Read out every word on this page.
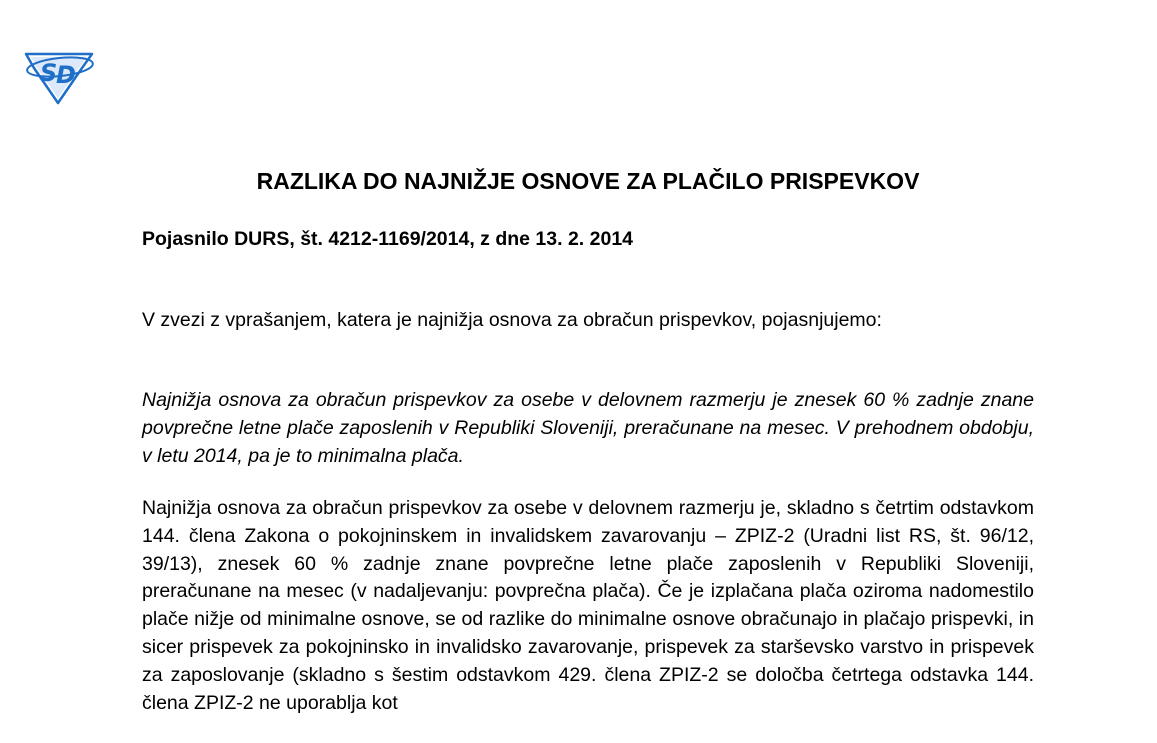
S
D
RAZLIKA DO NAJNIŽJE OSNOVE ZA PLAČILO PRISPEVKOV

Pojasnilo DURS, št. 4212-1169/2014, z dne 13. 2. 2014

V zvezi z vprašanjem, katera je najnižja osnova za obračun prispevkov, pojasnjujemo:

Najnižja osnova za obračun prispevkov za osebe v delovnem razmerju je znesek 60 % zadnje znane povprečne letne plače zaposlenih v Republiki Sloveniji, preračunane na mesec. V prehodnem obdobju, v letu 2014, pa je to minimalna plača.

Najnižja osnova za obračun prispevkov za osebe v delovnem razmerju je, skladno s četrtim odstavkom 144. člena Zakona o pokojninskem in invalidskem zavarovanju – ZPIZ-2 (Uradni list RS, št. 96/12, 39/13), znesek 60 % zadnje znane povprečne letne plače zaposlenih v Republiki Sloveniji, preračunane na mesec (v nadaljevanju: povprečna plača). Če je izplačana plača oziroma nadomestilo plače nižje od minimalne osnove, se od razlike do minimalne osnove obračunajo in plačajo prispevki, in sicer prispevek za pokojninsko in invalidsko zavarovanje, prispevek za starševsko varstvo in prispevek za zaposlovanje (skladno s šestim odstavkom 429. člena ZPIZ-2 se določba četrtega odstavka 144. člena ZPIZ-2 ne uporablja kot
